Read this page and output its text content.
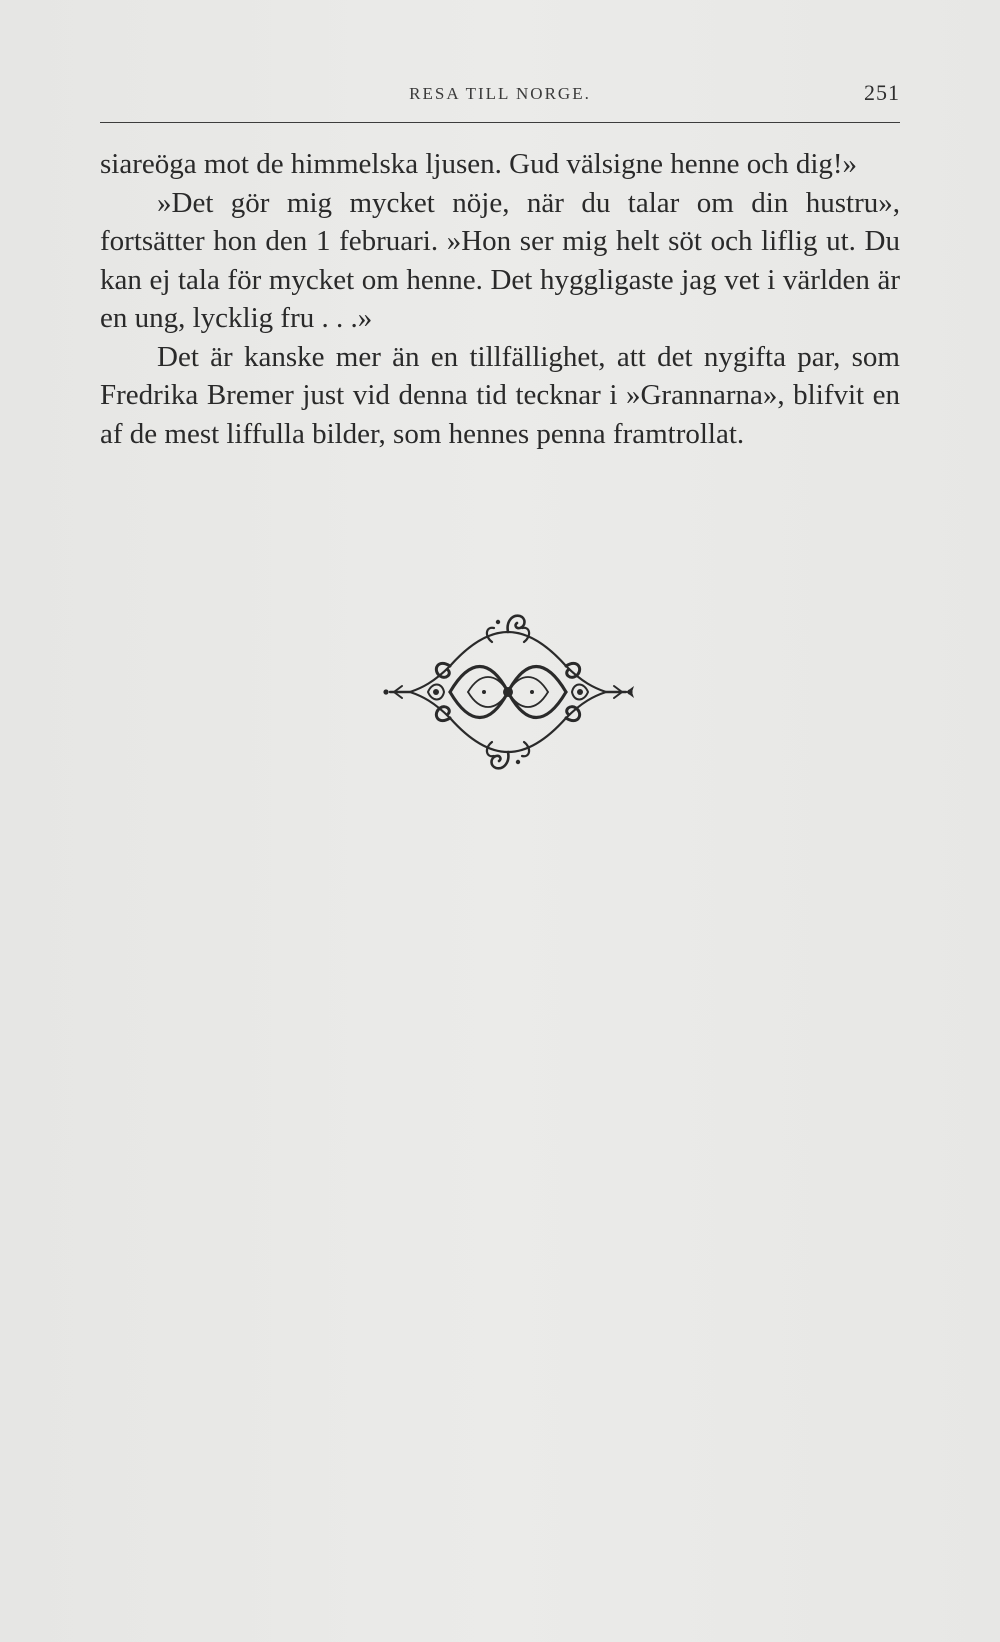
RESA TILL NORGE.	251

siareöga mot de himmelska ljusen. Gud välsigne henne och dig!»

»Det gör mig mycket nöje, när du talar om din hustru», fortsätter hon den 1 februari. »Hon ser mig helt söt och liflig ut. Du kan ej tala för mycket om henne. Det hyggligaste jag vet i världen är en ung, lycklig fru . . .»

Det är kanske mer än en tillfällighet, att det nygifta par, som Fredrika Bremer just vid denna tid tecknar i »Grannarna», blifvit en af de mest liffulla bilder, som hennes penna framtrollat.
